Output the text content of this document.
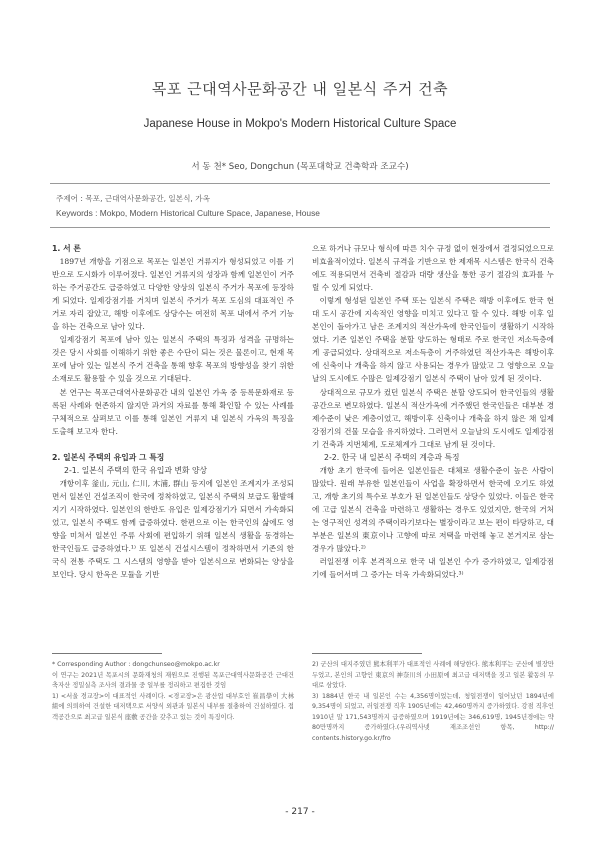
목포 근대역사문화공간 내 일본식 주거 건축
Japanese House in Mokpo's Modern Historical Culture Space
서 동 천* Seo, Dongchun (목포대학교 건축학과 조교수)
주제어 : 목포, 근대역사문화공간, 일본식, 가옥
Keywords : Mokpo, Modern Historical Culture Space, Japanese, House
1. 서 론

1897년 개항을 기점으로 목포는 일본인 거류지가 형성되었고 이를 기반으로 도시화가 이루어졌다. 일본인 거류지의 성장과 함께 일본인이 거주하는 주거공간도 급증하였고 다양한 양상의 일본식 주거가 목포에 등장하게 되었다. 일제강점기를 거치며 일본식 주거가 목포 도심의 대표적인 주거로 자리 잡았고, 해방 이후에도 상당수는 여전히 목포 내에서 주거 기능을 하는 건축으로 남아 있다.

일제강점기 목포에 남아 있는 일본식 주택의 특징과 성격을 규명하는 것은 당시 사회를 이해하기 위한 좋은 수단이 되는 것은 물론이고, 현재 목포에 남아 있는 일본식 주거 건축을 통해 향후 목포의 방향성을 찾기 위한 소재로도 활용할 수 있을 것으로 기대된다.

본 연구는 목포근대역사문화공간 내의 일본인 가옥 중 등록문화재로 등록된 사례와 현존하지 않지만 과거의 자료를 통해 확인할 수 있는 사례를 구체적으로 살펴보고 이를 통해 일본인 거류지 내 일본식 가옥의 특징을 도출해 보고자 한다.

2. 일본식 주택의 유입과 그 특징
2-1. 일본식 주택의 한국 유입과 변화 양상

개항이후 釜山, 元山, 仁川, 木浦, 群山 등지에 일본인 조계지가 조성되면서 일본인 건설조직이 한국에 정착하였고, 일본식 주택의 보급도 활발해지기 시작하였다. 일본인의 한반도 유입은 일제강점기가 되면서 가속화되었고, 일본식 주택도 함께 급증하였다. 한편으로 이는 한국인의 삶에도 영향을 미쳐서 일본인 주류 사회에 편입하기 위해 일본식 생활을 동경하는 한국인들도 급증하였다.¹⁾ 또 일본식 건설시스템이 정착하면서 기존의 한국식 전통 주택도 그 시스템의 영향을 받아 일본식으로 변화되는 양상을 보인다. 당시 한옥은 모듈을 기반

으로 하거나 규모나 형식에 따른 치수 규정 없이 현장에서 결정되었으므로 비효율적이었다. 일본식 규격을 기반으로 한 제재목 시스템은 한국식 건축에도 적용되면서 건축비 절감과 대량 생산을 통한 공기 절감의 효과를 누릴 수 있게 되었다.

이렇게 형성된 일본인 주택 또는 일본식 주택은 해방 이후에도 한국 현대 도시 공간에 지속적인 영향을 미치고 있다고 할 수 있다. 해방 이후 일본인이 돌아가고 남은 조계지의 적산가옥에 한국인들이 생활하기 시작하였다. 기존 일본인 주택을 분할 양도하는 형태로 주로 한국인 저소득층에게 공급되었다. 상대적으로 저소득층이 거주하였던 적산가옥은 해방이후에 신축이나 개축을 하지 않고 사용되는 경우가 많았고 그 영향으로 오늘날의 도시에도 수많은 일제강점기 일본식 주택이 남아 있게 된 것이다.

상대적으로 규모가 컸던 일본식 주택은 분할 양도되어 한국인들의 생활공간으로 변모하였다. 일본식 적산가옥에 거주했던 한국인들은 대부분 경제수준이 낮은 계층이었고, 해방이후 신축이나 개축을 하지 않은 채 일제강점기의 건물 모습을 유지하였다. 그러면서 오늘날의 도시에도 일제강점기 건축과 지번체계, 도로체계가 그대로 남게 된 것이다.

2-2. 한국 내 일본식 주택의 계층과 특징

개항 초기 한국에 들어온 일본인들은 대체로 생활수준이 높은 사람이 많았다. 원래 부유한 일본인들이 사업을 확장하면서 한국에 오기도 하였고, 개항 초기의 특수로 부호가 된 일본인들도 상당수 있었다. 이들은 한국에 고급 일본식 건축을 마련하고 생활하는 경우도 있었지만, 한국의 거처는 영구적인 성격의 주택이라기보다는 별장이라고 보는 편이 타당하고, 대부분은 일본의 東京이나 고향에 따로 저택을 마련해 놓고 본거지로 삼는 경우가 많았다.²⁾

러일전쟁 이후 본격적으로 한국 내 일본인 수가 증가하였고, 일제강점기에 들어서며 그 증가는 더욱 가속화되었다.³⁾

* Corresponding Author : dongchunseo@mokpo.ac.kr
이 연구는 2021년 목포시의 문화재청의 재원으로 진행된 목포근대역사문화공간 근대건축자산 정밀실측 조사의 결과물 중 일부를 정리하고 편집한 것임
1) <서울 경교장>이 대표적인 사례이다. <경교장>은 광산업 대부호인 崔昌學이 大林組에 의뢰하여 건설한 대저택으로 서양식 외관과 일본식 내부를 절충하여 건설하였다. 접객공간으로 최고급 일본식 座敷 공간을 갖추고 있는 것이 특징이다.
2) 군산의 대지주였던 熊本利平가 대표적인 사례에 해당한다. 熊本利平는 군산에 별장만 두었고, 본인의 고향인 東京의 神奈川의 小田原에 최고급 대저택을 짓고 일본 활동의 무대로 삼았다.
3) 1884년 한국 내 일본인 수는 4,356명이었는데, 청일전쟁이 일어났던 1894년에 9,354명이 되었고, 러일전쟁 직후 1905년에는 42,460명까지 증가하였다. 강점 직후인 1910년 말 171,543명까지 급증하였으며 1919년에는 346,619명, 1945년경에는 약 80만명까지 증가하였다.(우리역사넷 재조조선인 항목, http:// contents.history.go.kr/fro
- 217 -
